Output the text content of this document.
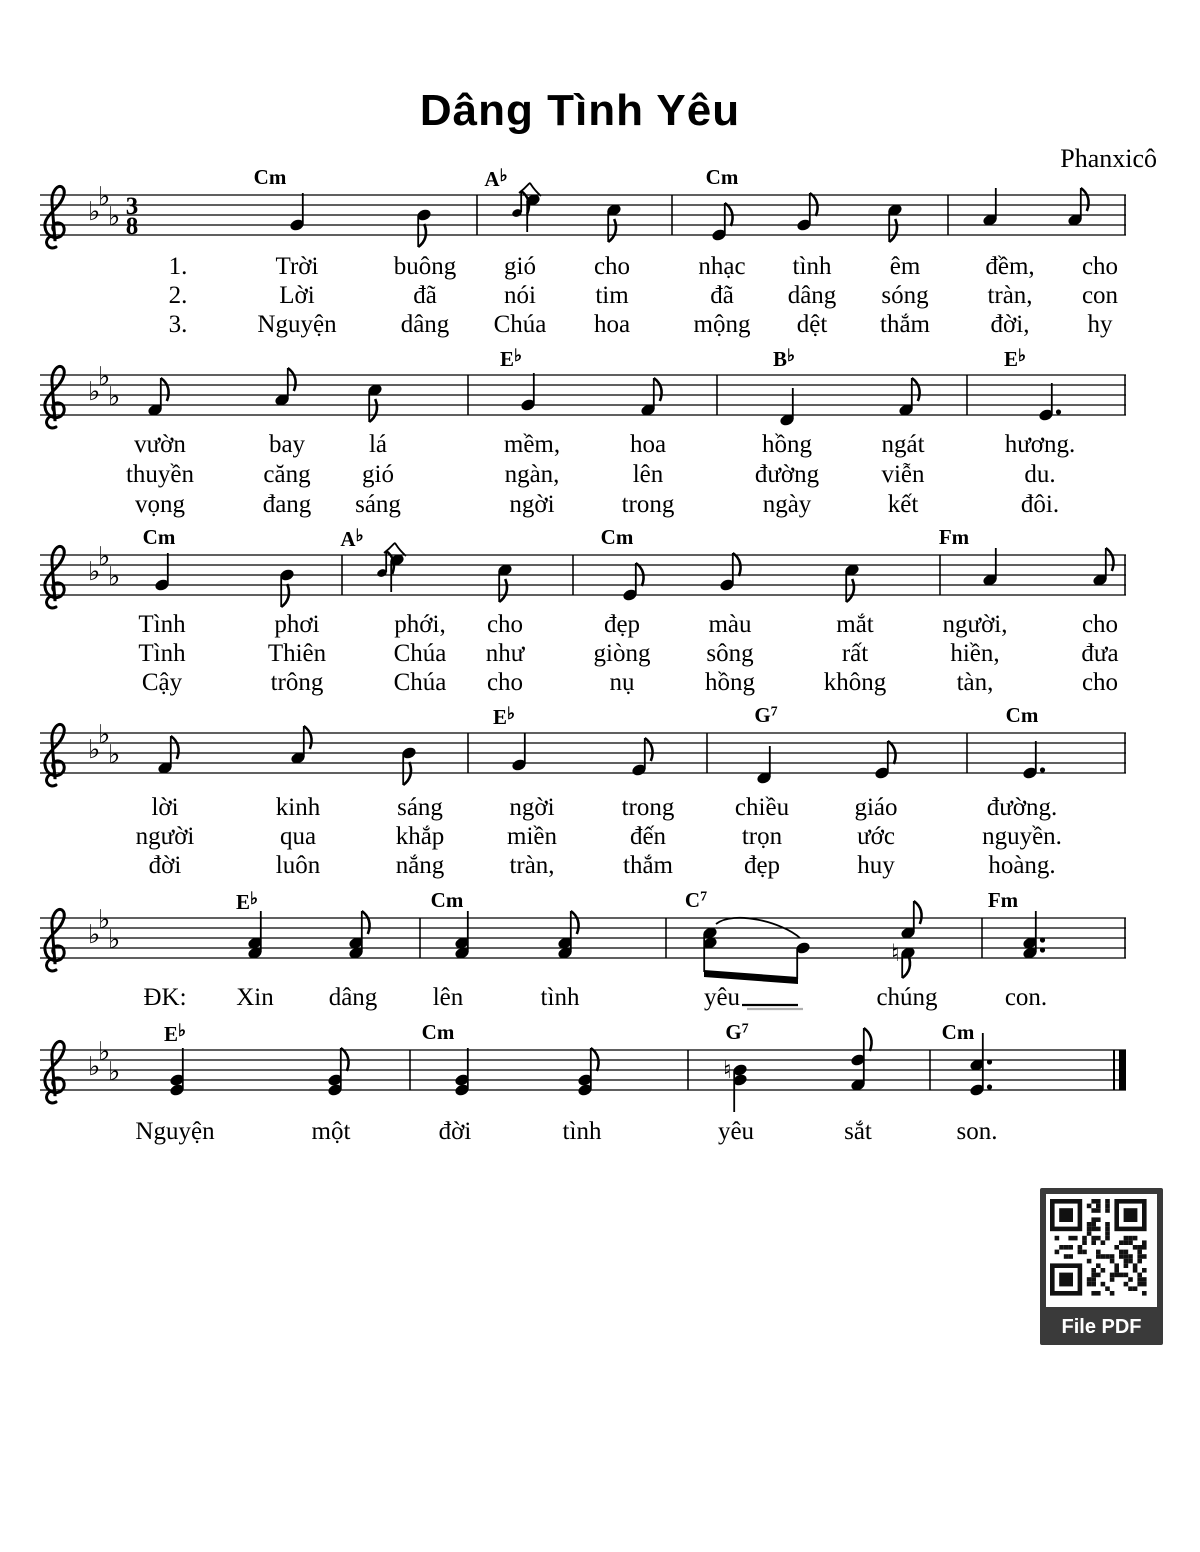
♭
♭
♭ 3
8
♭
♭
♭
♭
♭
♭
♭
♭
♭
♭
♭
♭	♮
♭
♭
♭	♮
Dâng Tình Yêu
Phanxicô
Cm	A♭	Cm
1.	Trời	buông gió cho	nhạc tình êm	đềm, cho
2.	Lời	đã	nói tim	đã dâng sóng tràn, con
3.	Nguyện	dâng Chúa hoa	mộng dệt thắm đời, hy
E♭	B♭	E♭
vườn	bay	lá	mềm,	hoa	hồng	ngát	hương.
thuyền	căng gió	ngàn,	lên	đường viễn	du.
vọng	đang sáng	ngời	trong	ngày	kết	đôi.
Cm	A♭	Cm	Fm
Tình	phơi	phới, cho	đẹp	màu	mắt	người,	cho
Tình	Thiên	Chúa như	giòng sông	rất	hiền,	đưa
Cậy	trông	Chúa cho	nụ	hồng	không	tàn,	cho
E♭	$G^7$	Cm
lời	kinh	sáng	ngời	trong chiều	giáo	đường.
người	qua	khắp	miền	đến	trọn	ước	nguyền.
đời	luôn	nắng	tràn,	thắm	đẹp	huy	hoàng.
E♭	Cm	$C^7$	Fm
ĐK: Xin dâng lên	tình	yêu	chúng	con.
E♭	Cm	$G^7$	Cm
Nguyện	một	đời	tình	yêu	sắt	son.
File PDF
